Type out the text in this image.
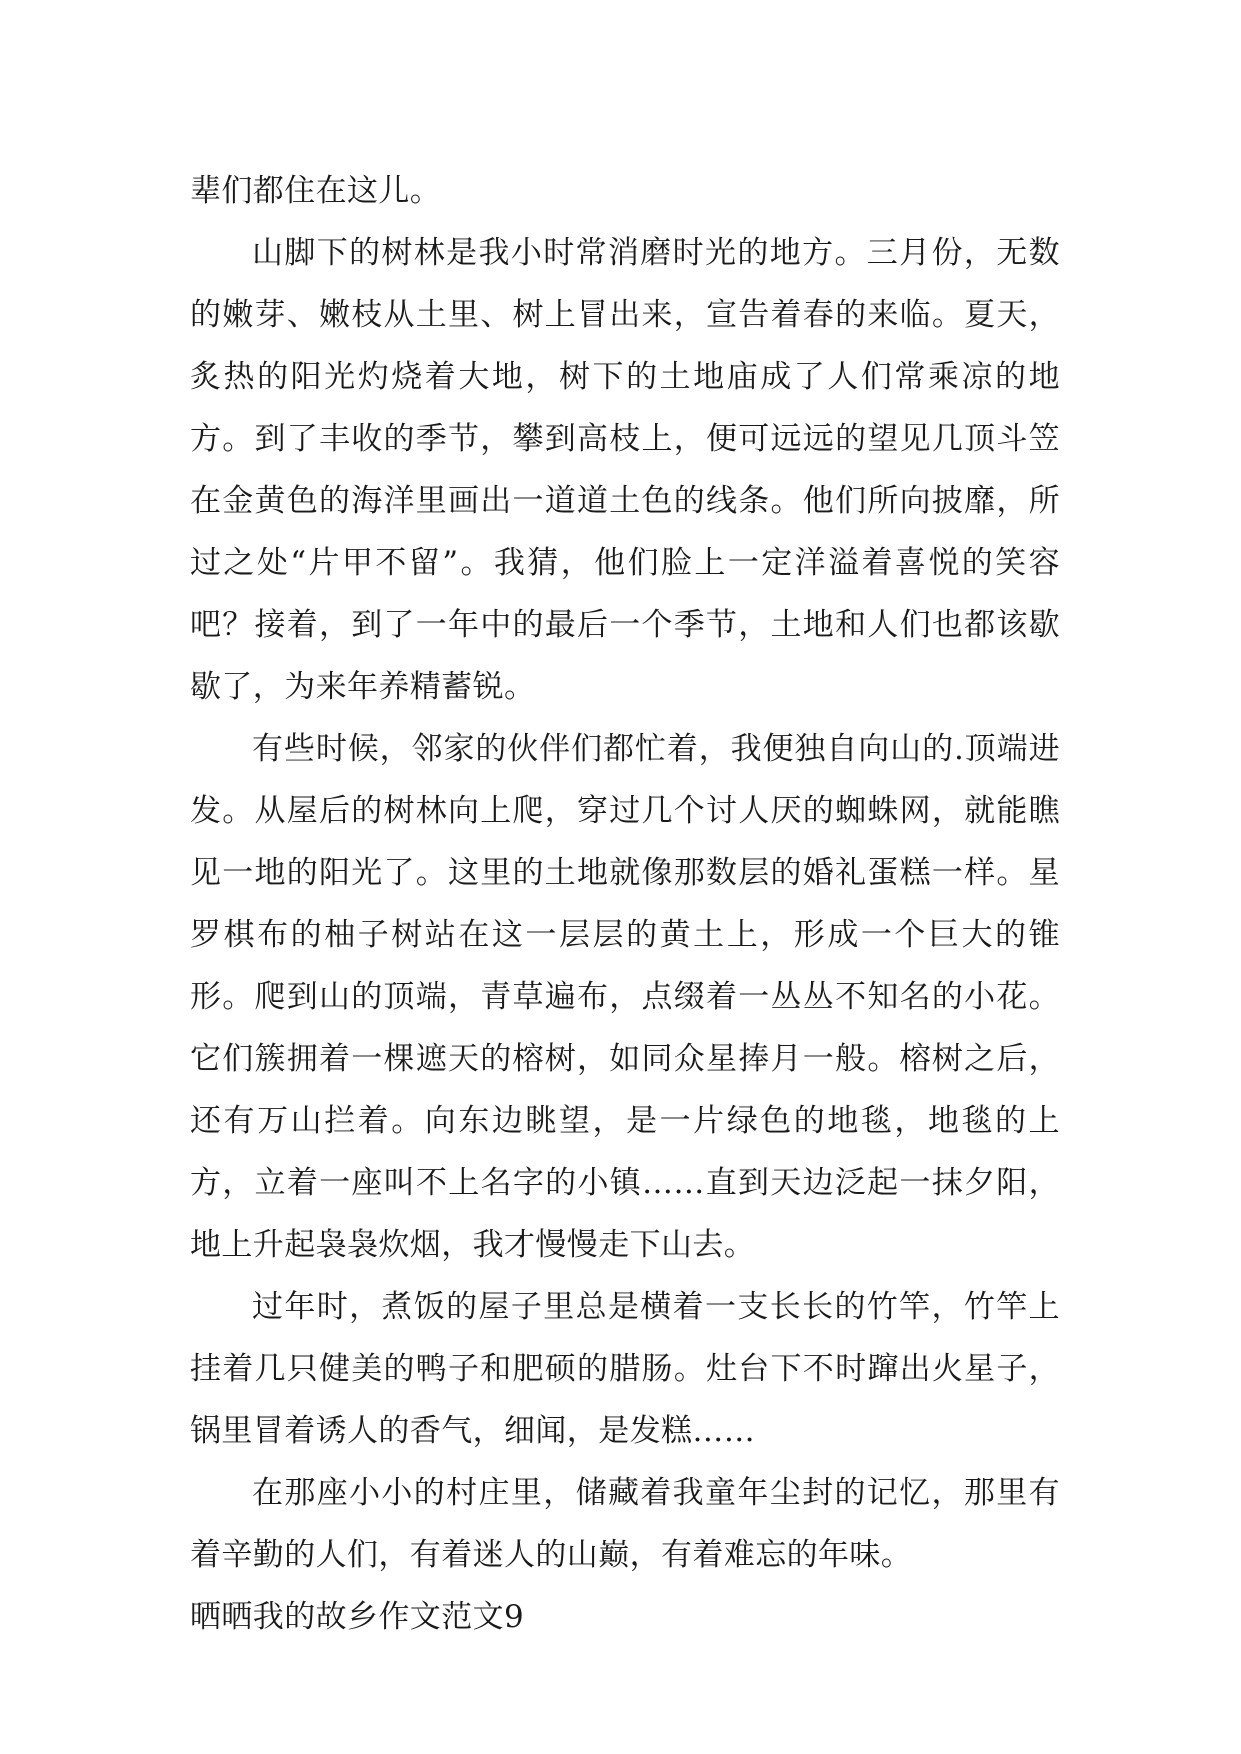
辈们都住在这儿。

山脚下的树林是我小时常消磨时光的地方。三月份，无数的嫩芽、嫩枝从土里、树上冒出来，宣告着春的来临。夏天，炙热的阳光灼烧着大地，树下的土地庙成了人们常乘凉的地方。到了丰收的季节，攀到高枝上，便可远远的望见几顶斗笠在金黄色的海洋里画出一道道土色的线条。他们所向披靡，所过之处“片甲不留”。我猜，他们脸上一定洋溢着喜悦的笑容吧？接着，到了一年中的最后一个季节，土地和人们也都该歇歇了，为来年养精蓄锐。

有些时候，邻家的伙伴们都忙着，我便独自向山的.顶端进发。从屋后的树林向上爬，穿过几个讨人厌的蜘蛛网，就能瞧见一地的阳光了。这里的土地就像那数层的婚礼蛋糕一样。星罗棋布的柚子树站在这一层层的黄土上，形成一个巨大的锥形。爬到山的顶端，青草遍布，点缀着一丛丛不知名的小花。它们簇拥着一棵遮天的榕树，如同众星捧月一般。榕树之后，还有万山拦着。向东边眺望，是一片绿色的地毯，地毯的上方，立着一座叫不上名字的小镇……直到天边泛起一抹夕阳，地上升起袅袅炊烟，我才慢慢走下山去。

过年时，煮饭的屋子里总是横着一支长长的竹竿，竹竿上挂着几只健美的鸭子和肥硕的腊肠。灶台下不时蹿出火星子，锅里冒着诱人的香气，细闻，是发糕……

在那座小小的村庄里，储藏着我童年尘封的记忆，那里有着辛勤的人们，有着迷人的山巅，有着难忘的年味。

晒晒我的故乡作文范文9
